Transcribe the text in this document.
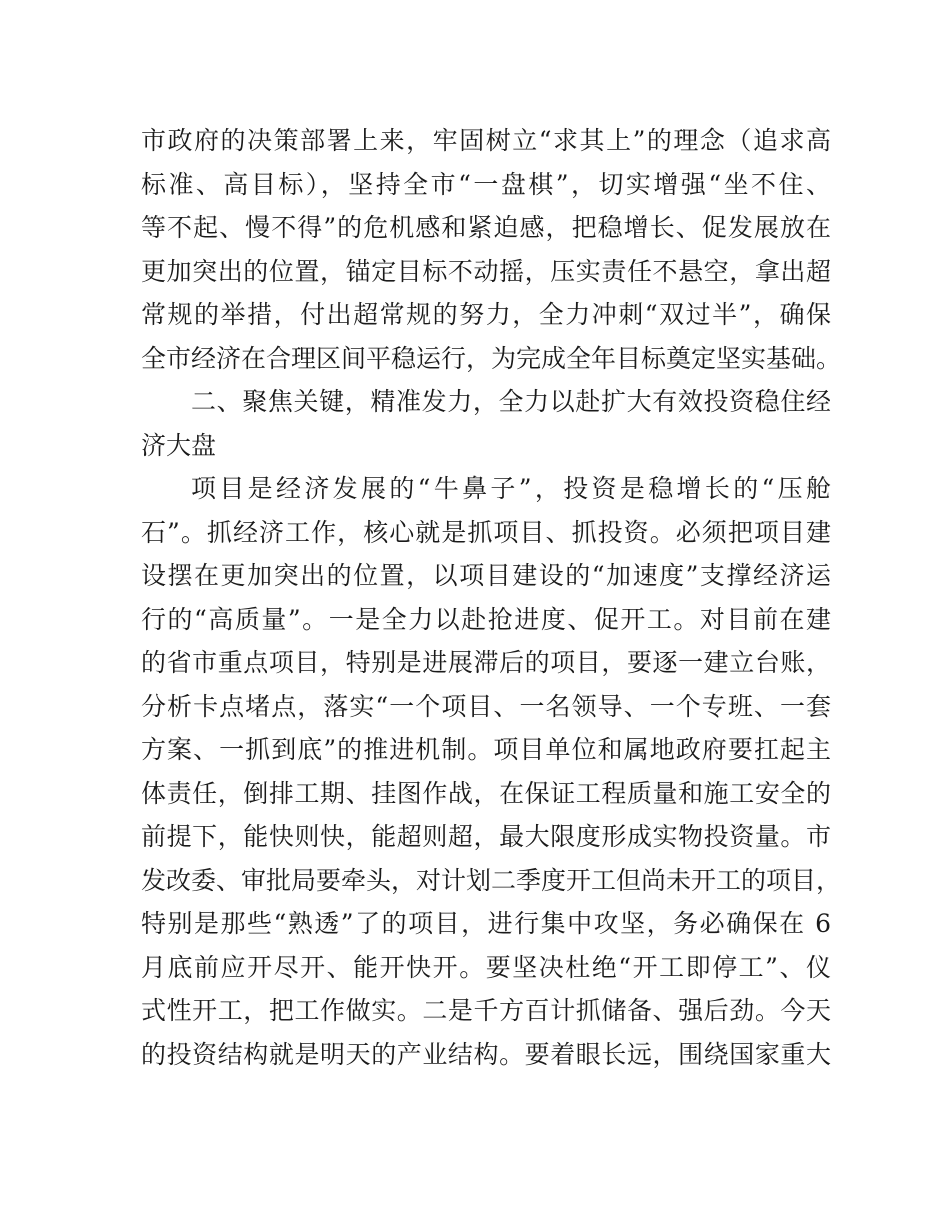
市政府的决策部署上来，牢固树立“求其上”的理念（追求高
标准、高目标），坚持全市“一盘棋”，切实增强“坐不住、
等不起、慢不得”的危机感和紧迫感，把稳增长、促发展放在
更加突出的位置，锚定目标不动摇，压实责任不悬空，拿出超
常规的举措，付出超常规的努力，全力冲刺“双过半”，确保
全市经济在合理区间平稳运行，为完成全年目标奠定坚实基础。
二、聚焦关键，精准发力，全力以赴扩大有效投资稳住经
济大盘
项目是经济发展的“牛鼻子”，投资是稳增长的“压舱
石”。抓经济工作，核心就是抓项目、抓投资。必须把项目建
设摆在更加突出的位置，以项目建设的“加速度”支撑经济运
行的“高质量”。一是全力以赴抢进度、促开工。对目前在建
的省市重点项目，特别是进展滞后的项目，要逐一建立台账，
分析卡点堵点，落实“一个项目、一名领导、一个专班、一套
方案、一抓到底”的推进机制。项目单位和属地政府要扛起主
体责任，倒排工期、挂图作战，在保证工程质量和施工安全的
前提下，能快则快，能超则超，最大限度形成实物投资量。市
发改委、审批局要牵头，对计划二季度开工但尚未开工的项目，
特别是那些“熟透”了的项目，进行集中攻坚，务必确保在 6
月底前应开尽开、能开快开。要坚决杜绝“开工即停工”、仪
式性开工，把工作做实。二是千方百计抓储备、强后劲。今天
的投资结构就是明天的产业结构。要着眼长远，围绕国家重大
